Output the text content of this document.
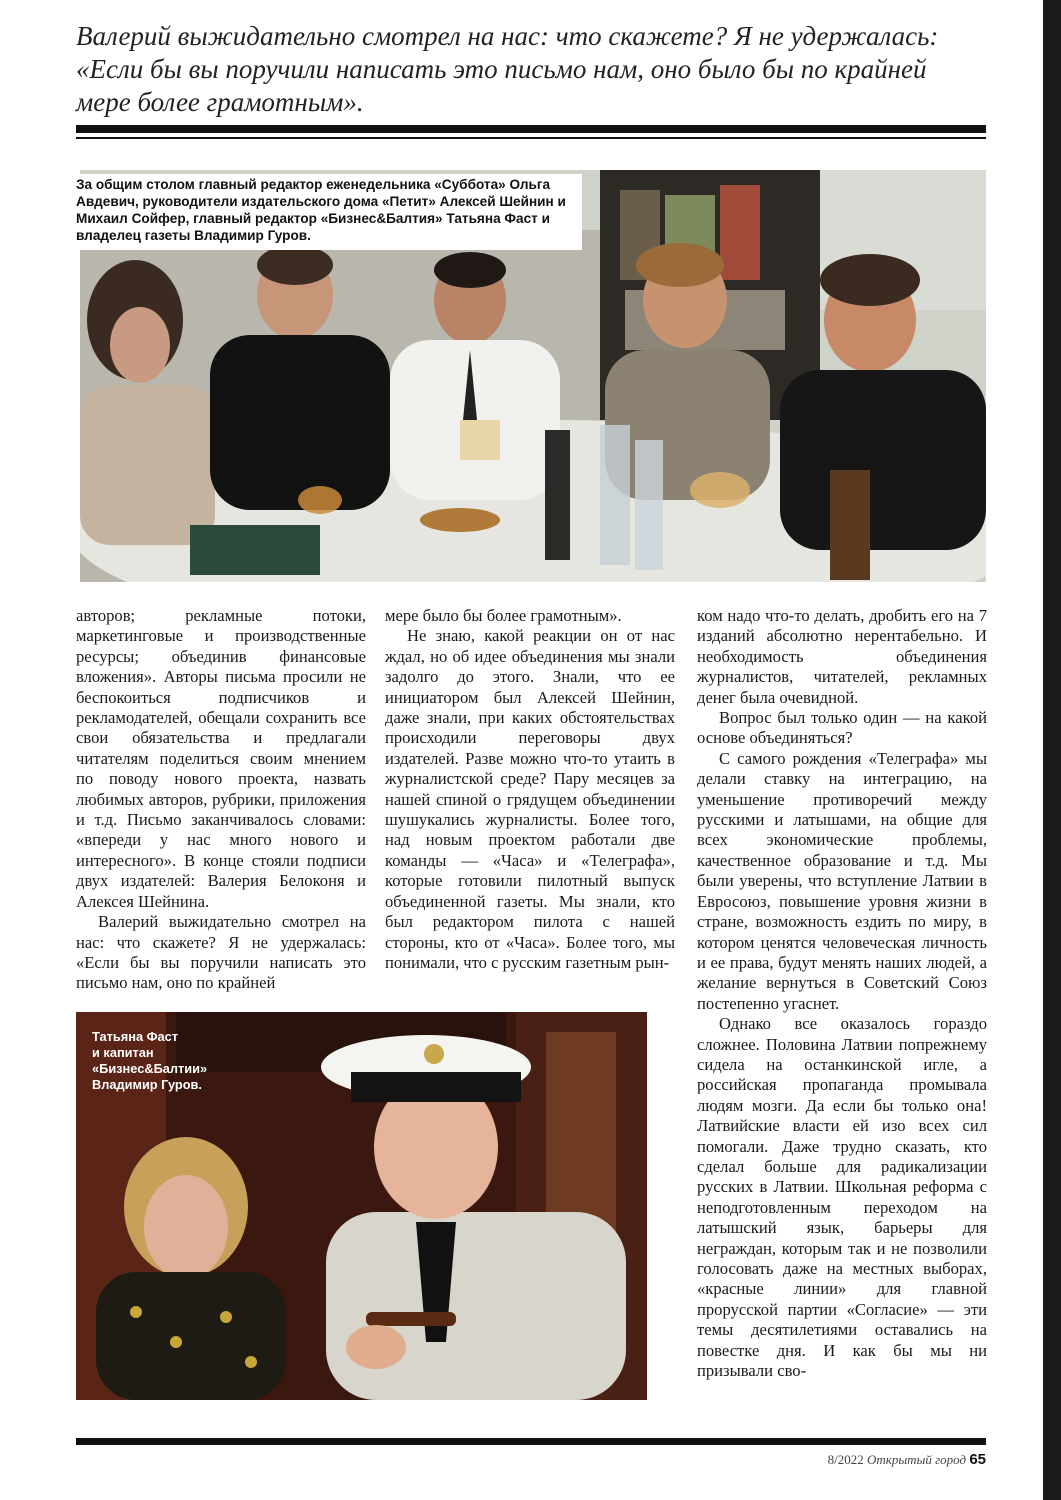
Валерий выжидательно смотрел на нас: что скажете? Я не удержалась:

«Если бы вы поручили написать это письмо нам, оно было бы по крайней

мере более грамотным».

За общим столом главный редактор еженедельника «Суббота» Ольга Авдевич, руководители издательского дома «Петит» Алексей Шейнин и Михаил Сойфер, главный редактор «Бизнес&Балтия» Татьяна Фаст и владелец газеты Владимир Гуров.

авторов; рекламные потоки, маркетинговые и производственные ресурсы; объединив финансовые вложения». Авторы письма просили не беспокоиться подписчиков и рекламодателей, обещали сохранить все свои обязательства и предлагали читателям поделиться своим мнением по поводу нового проекта, назвать любимых авторов, рубрики, приложения и т.д. Письмо заканчивалось словами: «впереди у нас много нового и интересного». В конце стояли подписи двух издателей: Валерия Белоконя и Алексея Шейнина.

Валерий выжидательно смотрел на нас: что скажете? Я не удержалась: «Если бы вы поручили написать это письмо нам, оно по крайней

мере было бы более грамотным».

Не знаю, какой реакции он от нас ждал, но об идее объединения мы знали задолго до этого. Знали, что ее инициатором был Алексей Шейнин, даже знали, при каких обстоятельствах происходили переговоры двух издателей. Разве можно что-то утаить в журналистской среде? Пару месяцев за нашей спиной о грядущем объединении шушукались журналисты. Более того, над новым проектом работали две команды — «Часа» и «Телеграфа», которые готовили пилотный выпуск объединенной газеты. Мы знали, кто был редактором пилота с нашей стороны, кто от «Часа». Более того, мы понимали, что с русским газетным рын-

ком надо что-то делать, дробить его на 7 изданий абсолютно нерентабельно. И необходимость объединения журналистов, читателей, рекламных денег была очевидной.

Вопрос был только один — на какой основе объединяться?

С самого рождения «Телеграфа» мы делали ставку на интеграцию, на уменьшение противоречий между русскими и латышами, на общие для всех экономические проблемы, качественное образование и т.д. Мы были уверены, что вступление Латвии в Евросоюз, повышение уровня жизни в стране, возможность ездить по миру, в котором ценятся человеческая личность и ее права, будут менять наших людей, а желание вернуться в Советский Союз постепенно угаснет.

Однако все оказалось гораздо сложнее. Половина Латвии попрежнему сидела на останкинской игле, а российская пропаганда промывала людям мозги. Да если бы только она! Латвийские власти ей изо всех сил помогали. Даже трудно сказать, кто сделал больше для радикализации русских в Латвии. Школьная реформа с неподготовленным переходом на латышский язык, барьеры для неграждан, которым так и не позволили голосовать даже на местных выборах, «красные линии» для главной прорусской партии «Согласие» — эти темы десятилетиями оставались на повестке дня. И как бы мы ни призывали сво-

Татьяна Фаст
и капитан
«Бизнес&Балтии»
Владимир Гуров.
8/2022 Открытый город 65
